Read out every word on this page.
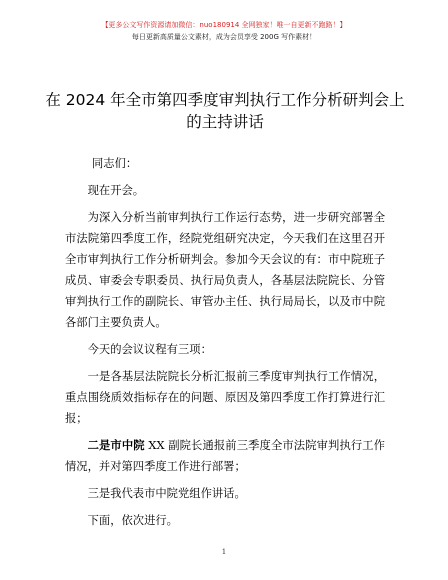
【更多公文写作资源请加微信：nuo180914 全网独家！唯一自更新不跑路！】
每日更新高质量公文素材，成为会员享受 200G 写作素材！
在 2024 年全市第四季度审判执行工作分析研判会上的主持讲话

同志们：

现在开会。

为深入分析当前审判执行工作运行态势，进一步研究部署全市法院第四季度工作，经院党组研究决定，今天我们在这里召开全市审判执行工作分析研判会。参加今天会议的有：市中院班子成员、审委会专职委员、执行局负责人，各基层法院院长、分管审判执行工作的副院长、审管办主任、执行局局长，以及市中院各部门主要负责人。

今天的会议议程有三项：

一是各基层法院院长分析汇报前三季度审判执行工作情况，重点围绕质效指标存在的问题、原因及第四季度工作打算进行汇报；

二是市中院 XX 副院长通报前三季度全市法院审判执行工作情况，并对第四季度工作进行部署；

三是我代表市中院党组作讲话。

下面，依次进行。

1
